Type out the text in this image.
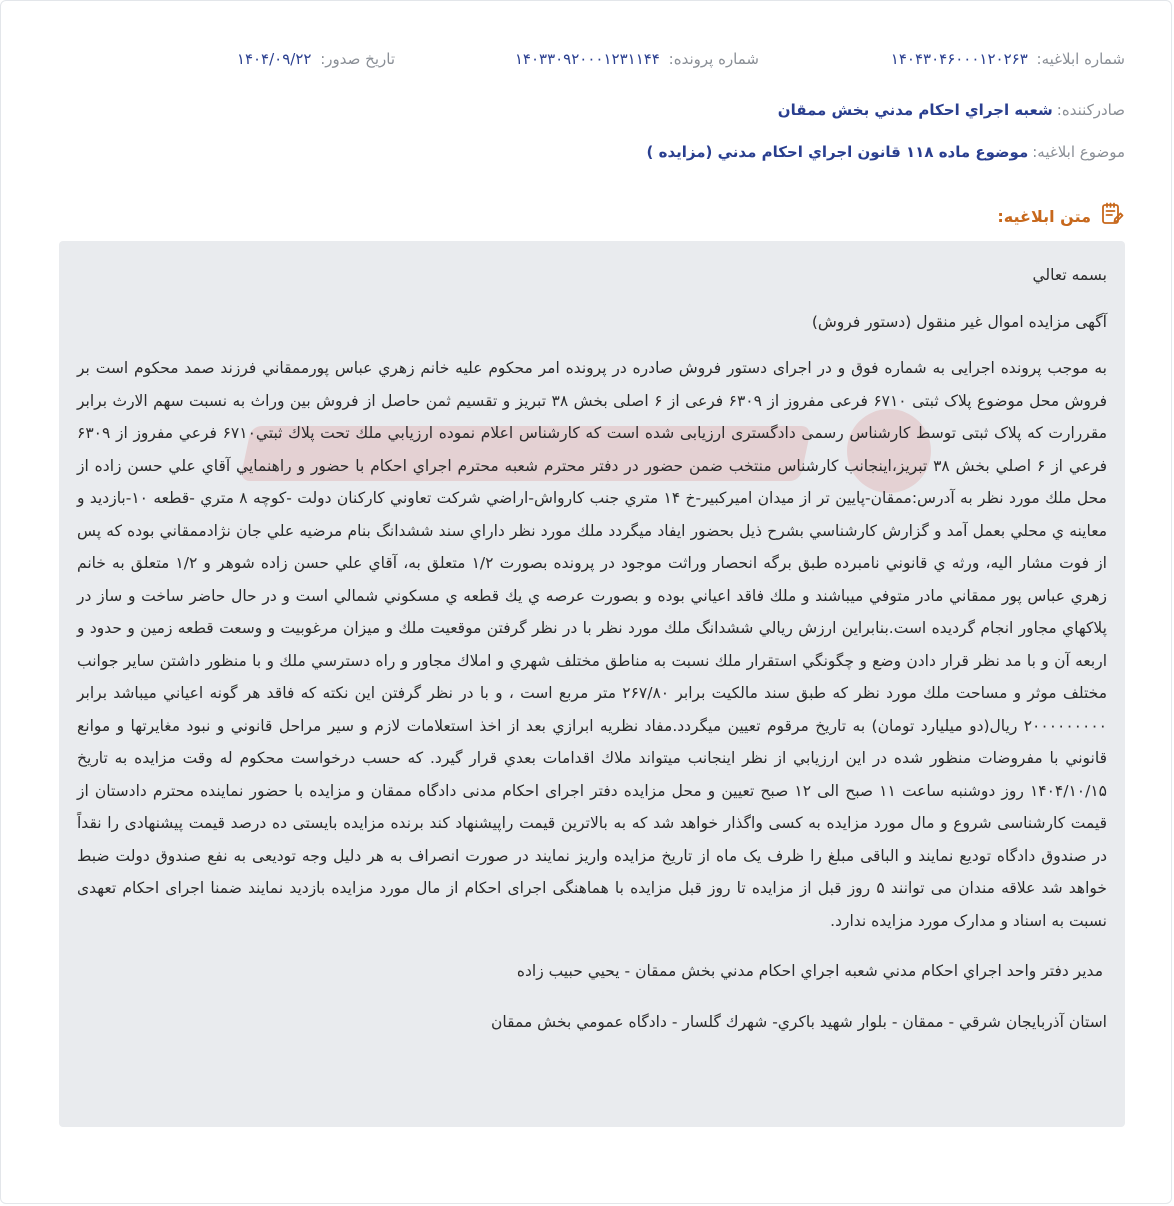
شماره ابلاغيه: ۱۴۰۴۳۰۴۶۰۰۰۱۲۰۲۶۳
شماره پرونده: ۱۴۰۳۳۰۹۲۰۰۰۱۲۳۱۱۴۴
تاريخ صدور: ۱۴۰۴/۰۹/۲۲
صادرکننده:
شعبه اجراي احكام مدني بخش ممقان
موضوع ابلاغيه:
موضوع ماده ۱۱۸ قانون اجراي احكام مدني (مزايده )
متن ابلاغيه:

بسمه تعالي

آگهی مزایده اموال غیر منقول (دستور فروش)

به موجب پرونده اجرايی به شماره فوق و در اجرای دستور فروش صادره در پرونده امر محکوم عليه خانم زهري عباس پورممقاني فرزند صمد محکوم است بر فروش محل موضوع پلاک ثبتی ۶۷۱۰ فرعی مفروز از ۶۳۰۹ فرعی از ۶ اصلی بخش ۳۸ تبریز و تقسیم ثمن حاصل از فروش بین وراث به نسبت سهم الارث برابر مقررارت که پلاک ثبتی توسط کارشناس رسمی دادگستری ارزیابی شده است که کارشناس اعلام نموده ارزيابي ملك تحت پلاك ثبتي۶۷۱۰ فرعي مفروز از ۶۳۰۹ فرعي از ۶ اصلي بخش ۳۸ تبريز،اينجانب كارشناس منتخب ضمن حضور در دفتر محترم شعبه محترم اجراي احكام با حضور و راهنمايي آقاي علي حسن زاده از محل ملك مورد نظر به آدرس:ممقان-پايين تر از ميدان اميركبير-خ ۱۴ متري جنب كارواش-اراضي شركت تعاوني كاركنان دولت -كوچه ۸ متري -قطعه ۱۰-بازديد و معاينه ي محلي بعمل آمد و گزارش كارشناسي بشرح ذيل بحضور ايفاد ميگردد ملك مورد نظر داراي سند ششدانگ بنام مرضيه علي جان نژادممقاني بوده كه پس از فوت مشار اليه، ورثه ي قانوني نامبرده طبق برگه انحصار وراثت موجود در پرونده بصورت ۱/۲ متعلق به، آقاي علي حسن زاده شوهر و ۱/۲ متعلق به خانم زهري عباس پور ممقاني مادر متوفي ميباشند و ملك فاقد اعياني بوده و بصورت عرصه ي يك قطعه ي مسكوني شمالي است و در حال حاضر ساخت و ساز در پلاكهاي مجاور انجام گرديده است.بنابراين ارزش ريالي ششدانگ ملك مورد نظر با در نظر گرفتن موقعيت ملك و ميزان مرغوبيت و وسعت قطعه زمين و حدود و اربعه آن و با مد نظر قرار دادن وضع و چگونگي استقرار ملك نسبت به مناطق مختلف شهري و املاك مجاور و راه دسترسي ملك و با منظور داشتن ساير جوانب مختلف موثر و مساحت ملك مورد نظر كه طبق سند مالكيت برابر ۲۶۷/۸۰ متر مربع است ، و با در نظر گرفتن اين نكته كه فاقد هر گونه اعياني ميباشد برابر ۲۰۰۰۰۰۰۰۰۰ ريال(دو ميليارد تومان) به تاريخ مرقوم تعيين ميگردد.مفاد نظريه ابرازي بعد از اخذ استعلامات لازم و سير مراحل قانوني و نبود مغايرتها و موانع قانوني با مفروضات منظور شده در اين ارزيابي از نظر اينجانب ميتواند ملاك اقدامات بعدي قرار گيرد. که حسب درخواست محکوم له وقت مزایده به تاریخ ۱۴۰۴/۱۰/۱۵ روز دوشنبه ساعت ۱۱ صبح الی ۱۲ صبح تعیین و محل مزایده دفتر اجرای احکام مدنی دادگاه ممقان و مزایده با حضور نماینده محترم دادستان از قیمت کارشناسی شروع و مال مورد مزایده به کسی واگذار خواهد شد که به بالاترین قیمت راپیشنهاد کند برنده مزایده بایستی ده درصد قیمت پیشنهادی را نقداً در صندوق دادگاه تودیع نمایند و الباقی مبلغ را ظرف یک ماه از تاریخ مزایده واریز نمایند در صورت انصراف به هر دلیل وجه تودیعی به نفع صندوق دولت ضبط خواهد شد علاقه مندان می توانند ۵ روز قبل از مزایده تا روز قبل مزایده با هماهنگی اجرای احکام از مال مورد مزایده بازدید نمایند ضمنا اجرای احکام تعهدی نسبت به اسناد و مدارک مورد مزایده ندارد.

مدير دفتر واحد اجراي احكام مدني شعبه اجراي احكام مدني بخش ممقان - يحيي حبيب زاده

استان آذربايجان شرقي - ممقان - بلوار شهيد باكري- شهرك گلسار - دادگاه عمومي بخش ممقان
